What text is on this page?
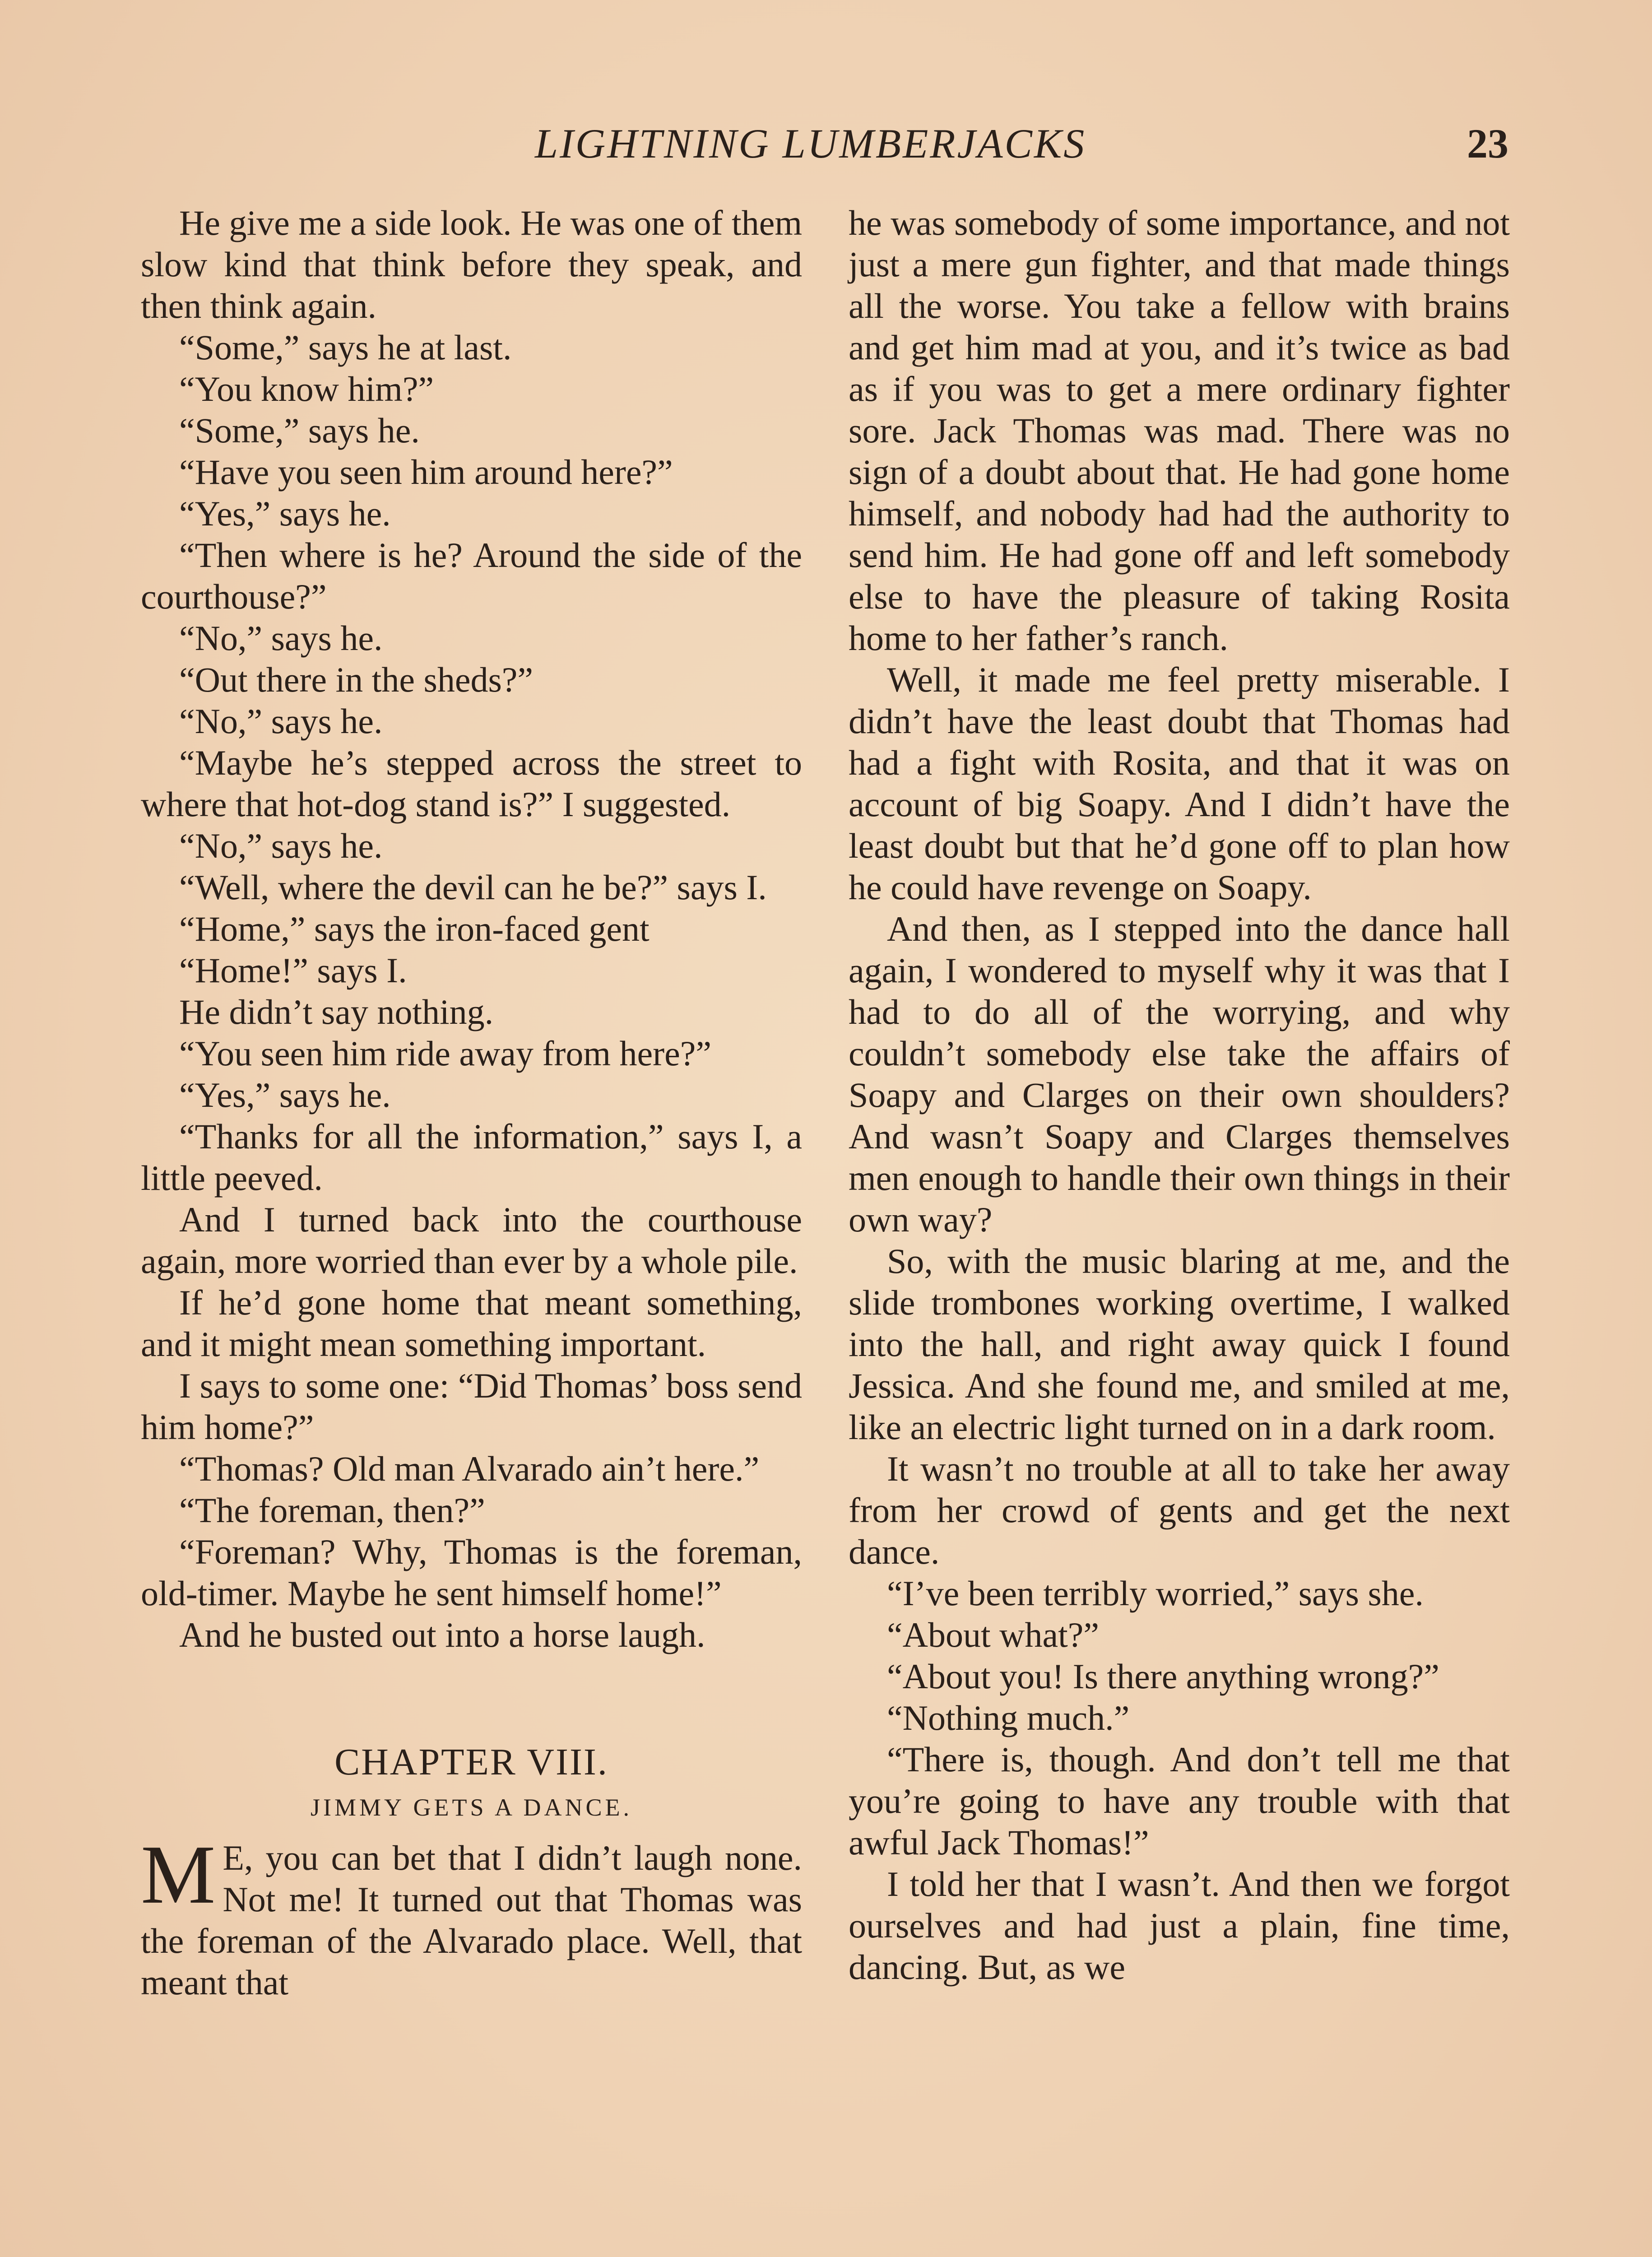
LIGHTNING LUMBERJACKS	23

He give me a side look. He was one of them slow kind that think before they speak, and then think again.

“Some,” says he at last.

“You know him?”

“Some,” says he.

“Have you seen him around here?”

“Yes,” says he.

“Then where is he? Around the side of the courthouse?”

“No,” says he.

“Out there in the sheds?”

“No,” says he.

“Maybe he’s stepped across the street to where that hot-dog stand is?” I suggested.

“No,” says he.

“Well, where the devil can he be?” says I.

“Home,” says the iron-faced gent

“Home!” says I.

He didn’t say nothing.

“You seen him ride away from here?”

“Yes,” says he.

“Thanks for all the information,” says I, a little peeved.

And I turned back into the courthouse again, more worried than ever by a whole pile.

If he’d gone home that meant something, and it might mean something important.

I says to some one: “Did Thomas’ boss send him home?”

“Thomas? Old man Alvarado ain’t here.”

“The foreman, then?”

“Foreman? Why, Thomas is the foreman, old-timer. Maybe he sent himself home!”

And he busted out into a horse laugh.

CHAPTER VIII.
JIMMY GETS A DANCE.

M E, you can bet that I didn’t laugh none. Not me! It turned out that Thomas was the foreman of the Alvarado place. Well, that meant that

he was somebody of some importance, and not just a mere gun fighter, and that made things all the worse. You take a fellow with brains and get him mad at you, and it’s twice as bad as if you was to get a mere ordinary fighter sore. Jack Thomas was mad. There was no sign of a doubt about that. He had gone home himself, and nobody had had the authority to send him. He had gone off and left somebody else to have the pleasure of taking Rosita home to her father’s ranch.

Well, it made me feel pretty miserable. I didn’t have the least doubt that Thomas had had a fight with Rosita, and that it was on account of big Soapy. And I didn’t have the least doubt but that he’d gone off to plan how he could have revenge on Soapy.

And then, as I stepped into the dance hall again, I wondered to myself why it was that I had to do all of the worrying, and why couldn’t somebody else take the affairs of Soapy and Clarges on their own shoulders? And wasn’t Soapy and Clarges themselves men enough to handle their own things in their own way?

So, with the music blaring at me, and the slide trombones working overtime, I walked into the hall, and right away quick I found Jessica. And she found me, and smiled at me, like an electric light turned on in a dark room.

It wasn’t no trouble at all to take her away from her crowd of gents and get the next dance.

“I’ve been terribly worried,” says she.

“About what?”

“About you! Is there anything wrong?”

“Nothing much.”

“There is, though. And don’t tell me that you’re going to have any trouble with that awful Jack Thomas!”

I told her that I wasn’t. And then we forgot ourselves and had just a plain, fine time, dancing. But, as we
